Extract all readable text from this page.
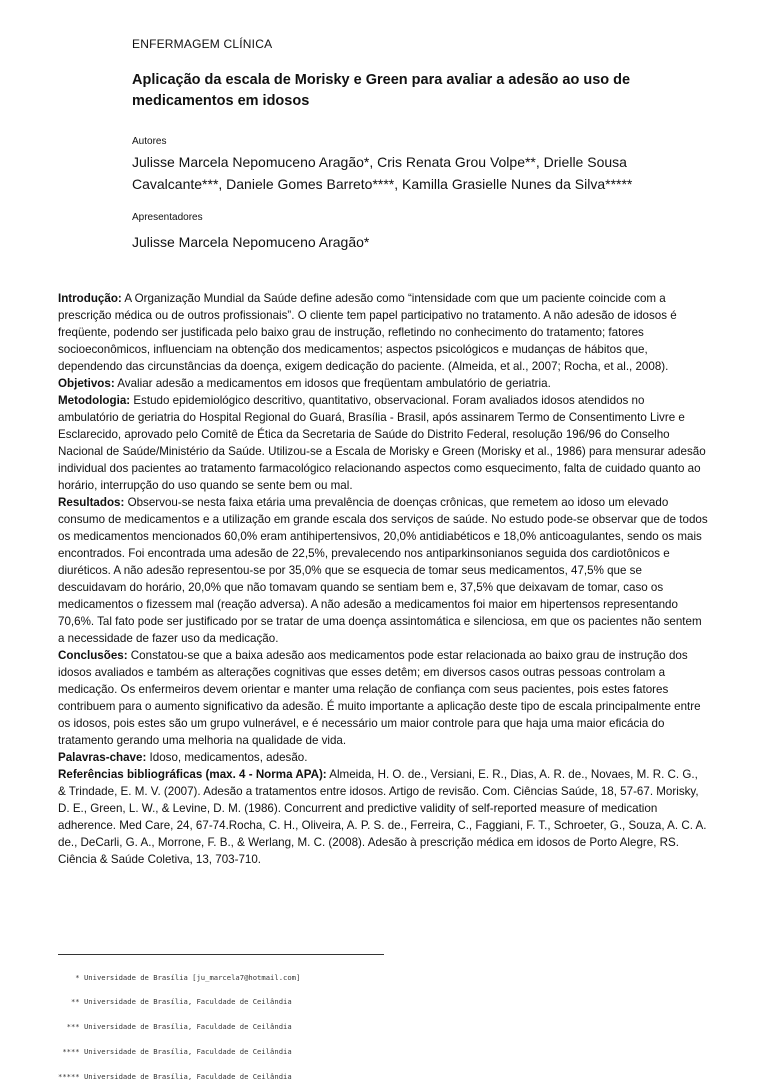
ENFERMAGEM CLÍNICA
Aplicação da escala de Morisky e Green para avaliar a adesão ao uso de medicamentos em idosos
Autores
Julisse Marcela Nepomuceno Aragão*, Cris Renata Grou Volpe**, Drielle Sousa Cavalcante***, Daniele Gomes Barreto****, Kamilla Grasielle Nunes da Silva*****
Apresentadores
Julisse Marcela Nepomuceno Aragão*

Introdução: A Organização Mundial da Saúde define adesão como “intensidade com que um paciente coincide com a prescrição médica ou de outros profissionais”. O cliente tem papel participativo no tratamento. A não adesão de idosos é freqüente, podendo ser justificada pelo baixo grau de instrução, refletindo no conhecimento do tratamento; fatores socioeconômicos, influenciam na obtenção dos medicamentos; aspectos psicológicos e mudanças de hábitos que, dependendo das circunstâncias da doença, exigem dedicação do paciente. (Almeida, et al., 2007; Rocha, et al., 2008).

Objetivos: Avaliar adesão a medicamentos em idosos que freqüentam ambulatório de geriatria.

Metodologia: Estudo epidemiológico descritivo, quantitativo, observacional. Foram avaliados idosos atendidos no ambulatório de geriatria do Hospital Regional do Guará, Brasília - Brasil, após assinarem Termo de Consentimento Livre e Esclarecido, aprovado pelo Comitê de Ética da Secretaria de Saúde do Distrito Federal, resolução 196/96 do Conselho Nacional de Saúde/Ministério da Saúde. Utilizou-se a Escala de Morisky e Green (Morisky et al., 1986) para mensurar adesão individual dos pacientes ao tratamento farmacológico relacionando aspectos como esquecimento, falta de cuidado quanto ao horário, interrupção do uso quando se sente bem ou mal.

Resultados: Observou-se nesta faixa etária uma prevalência de doenças crônicas, que remetem ao idoso um elevado consumo de medicamentos e a utilização em grande escala dos serviços de saúde. No estudo pode-se observar que de todos os medicamentos mencionados 60,0% eram antihipertensivos, 20,0% antidiabéticos e 18,0% anticoagulantes, sendo os mais encontrados. Foi encontrada uma adesão de 22,5%, prevalecendo nos antiparkinsonianos seguida dos cardiotônicos e diuréticos. A não adesão representou-se por 35,0% que se esquecia de tomar seus medicamentos, 47,5% que se descuidavam do horário, 20,0% que não tomavam quando se sentiam bem e, 37,5% que deixavam de tomar, caso os medicamentos o fizessem mal (reação adversa). A não adesão a medicamentos foi maior em hipertensos representando 70,6%. Tal fato pode ser justificado por se tratar de uma doença assintomática e silenciosa, em que os pacientes não sentem a necessidade de fazer uso da medicação.

Conclusões: Constatou-se que a baixa adesão aos medicamentos pode estar relacionada ao baixo grau de instrução dos idosos avaliados e também as alterações cognitivas que esses detêm; em diversos casos outras pessoas controlam a medicação. Os enfermeiros devem orientar e manter uma relação de confiança com seus pacientes, pois estes fatores contribuem para o aumento significativo da adesão. É muito importante a aplicação deste tipo de escala principalmente entre os idosos, pois estes são um grupo vulnerável, e é necessário um maior controle para que haja uma maior eficácia do tratamento gerando uma melhoria na qualidade de vida.

Palavras-chave: Idoso, medicamentos, adesão.

Referências bibliográficas (max. 4 - Norma APA): Almeida, H. O. de., Versiani, E. R., Dias, A. R. de., Novaes, M. R. C. G., & Trindade, E. M. V. (2007). Adesão a tratamentos entre idosos. Artigo de revisão. Com. Ciências Saúde, 18, 57-67. Morisky, D. E., Green, L. W., & Levine, D. M. (1986). Concurrent and predictive validity of self-reported measure of medication adherence. Med Care, 24, 67-74.Rocha, C. H., Oliveira, A. P. S. de., Ferreira, C., Faggiani, F. T., Schroeter, G., Souza, A. C. A. de., DeCarli, G. A., Morrone, F. B., & Werlang, M. C. (2008). Adesão à prescrição médica em idosos de Porto Alegre, RS. Ciência & Saúde Coletiva, 13, 703-710.

* Universidade de Brasília [ju_marcela7@hotmail.com]

** Universidade de Brasília, Faculdade de Ceilândia

*** Universidade de Brasília, Faculdade de Ceilândia

**** Universidade de Brasília, Faculdade de Ceilândia

***** Universidade de Brasília, Faculdade de Ceilândia
